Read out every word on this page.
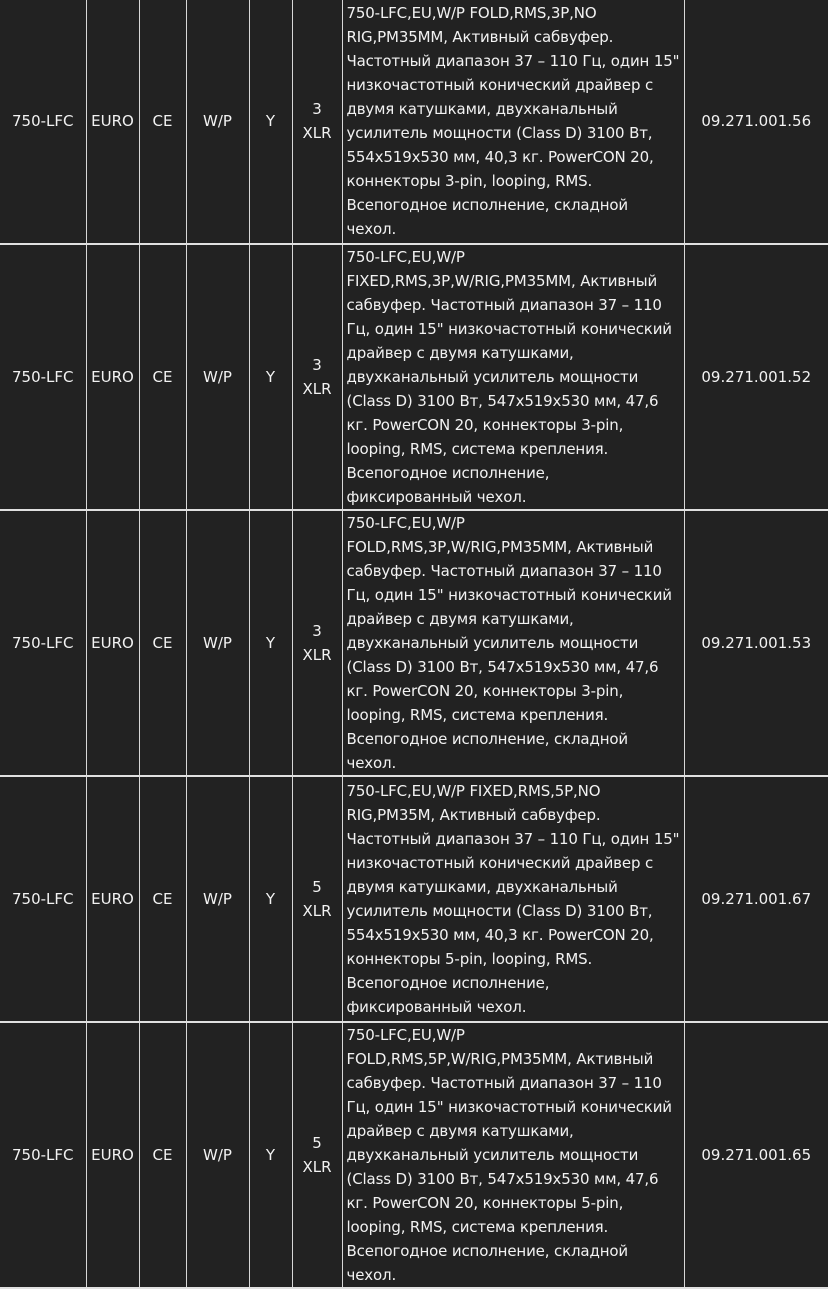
750-LFC	EURO	CE	W/P	Y	3 XLR	750-LFC,EU,W/P FOLD,RMS,3P,NO RIG,PM35MM, Активный сабвуфер. Частотный диапазон 37 – 110 Гц, один 15" низкочастотный конический драйвер с двумя катушками, двухканальный усилитель мощности (Class D) 3100 Вт, 554x519x530 мм, 40,3 кг. PowerCON 20, коннекторы 3-pin, looping, RMS. Всепогодное исполнение, складной чехол.	09.271.001.56
750-LFC	EURO	CE	W/P	Y	3 XLR	750-LFC,EU,W/P FIXED,RMS,3P,W/RIG,PM35MM, Активный сабвуфер. Частотный диапазон 37 – 110 Гц, один 15" низкочастотный конический драйвер с двумя катушками, двухканальный усилитель мощности (Class D) 3100 Вт, 547x519x530 мм, 47,6 кг. PowerCON 20, коннекторы 3-pin, looping, RMS, система крепления. Всепогодное исполнение, фиксированный чехол.	09.271.001.52
750-LFC	EURO	CE	W/P	Y	3 XLR	750-LFC,EU,W/P FOLD,RMS,3P,W/RIG,PM35MM, Активный сабвуфер. Частотный диапазон 37 – 110 Гц, один 15" низкочастотный конический драйвер с двумя катушками, двухканальный усилитель мощности (Class D) 3100 Вт, 547x519x530 мм, 47,6 кг. PowerCON 20, коннекторы 3-pin, looping, RMS, система крепления. Всепогодное исполнение, складной чехол.	09.271.001.53
750-LFC	EURO	CE	W/P	Y	5 XLR	750-LFC,EU,W/P FIXED,RMS,5P,NO RIG,PM35M, Активный сабвуфер. Частотный диапазон 37 – 110 Гц, один 15" низкочастотный конический драйвер с двумя катушками, двухканальный усилитель мощности (Class D) 3100 Вт, 554x519x530 мм, 40,3 кг. PowerCON 20, коннекторы 5-pin, looping, RMS. Всепогодное исполнение, фиксированный чехол.	09.271.001.67
750-LFC	EURO	CE	W/P	Y	5 XLR	750-LFC,EU,W/P FOLD,RMS,5P,W/RIG,PM35MM, Активный сабвуфер. Частотный диапазон 37 – 110 Гц, один 15" низкочастотный конический драйвер с двумя катушками, двухканальный усилитель мощности (Class D) 3100 Вт, 547x519x530 мм, 47,6 кг. PowerCON 20, коннекторы 5-pin, looping, RMS, система крепления. Всепогодное исполнение, складной чехол.	09.271.001.65
